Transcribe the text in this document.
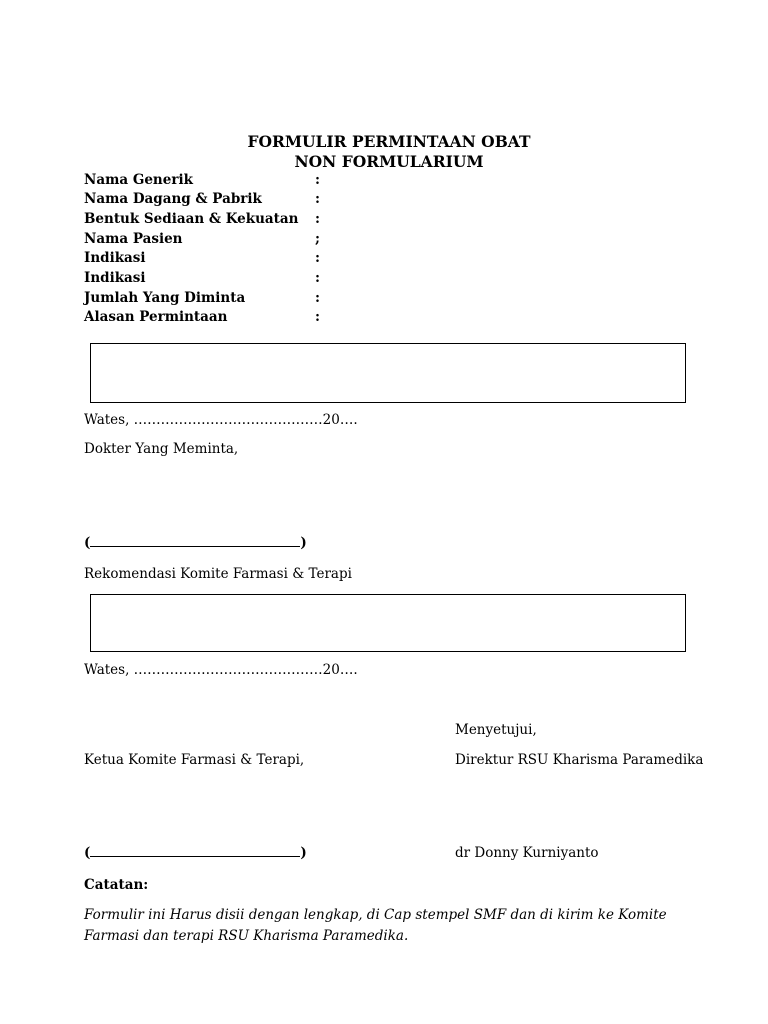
FORMULIR PERMINTAAN OBAT
NON FORMULARIUM
Nama Generik	:
Nama Dagang & Pabrik	:
Bentuk Sediaan & Kekuatan :
Nama Pasien	;
Indikasi	:
Indikasi	:
Jumlah Yang Diminta	:
Alasan Permintaan	:
Wates, ……………………………………20….
Dokter Yang Meminta,
(	)
Rekomendasi Komite Farmasi & Terapi
Wates, ……………………………………20….
Menyetujui,
Ketua Komite Farmasi & Terapi,	Direktur RSU Kharisma Paramedika
(	)	dr Donny Kurniyanto
Catatan:
Formulir ini Harus disii dengan lengkap, di Cap stempel SMF dan di kirim ke Komite Farmasi dan terapi RSU Kharisma Paramedika.
